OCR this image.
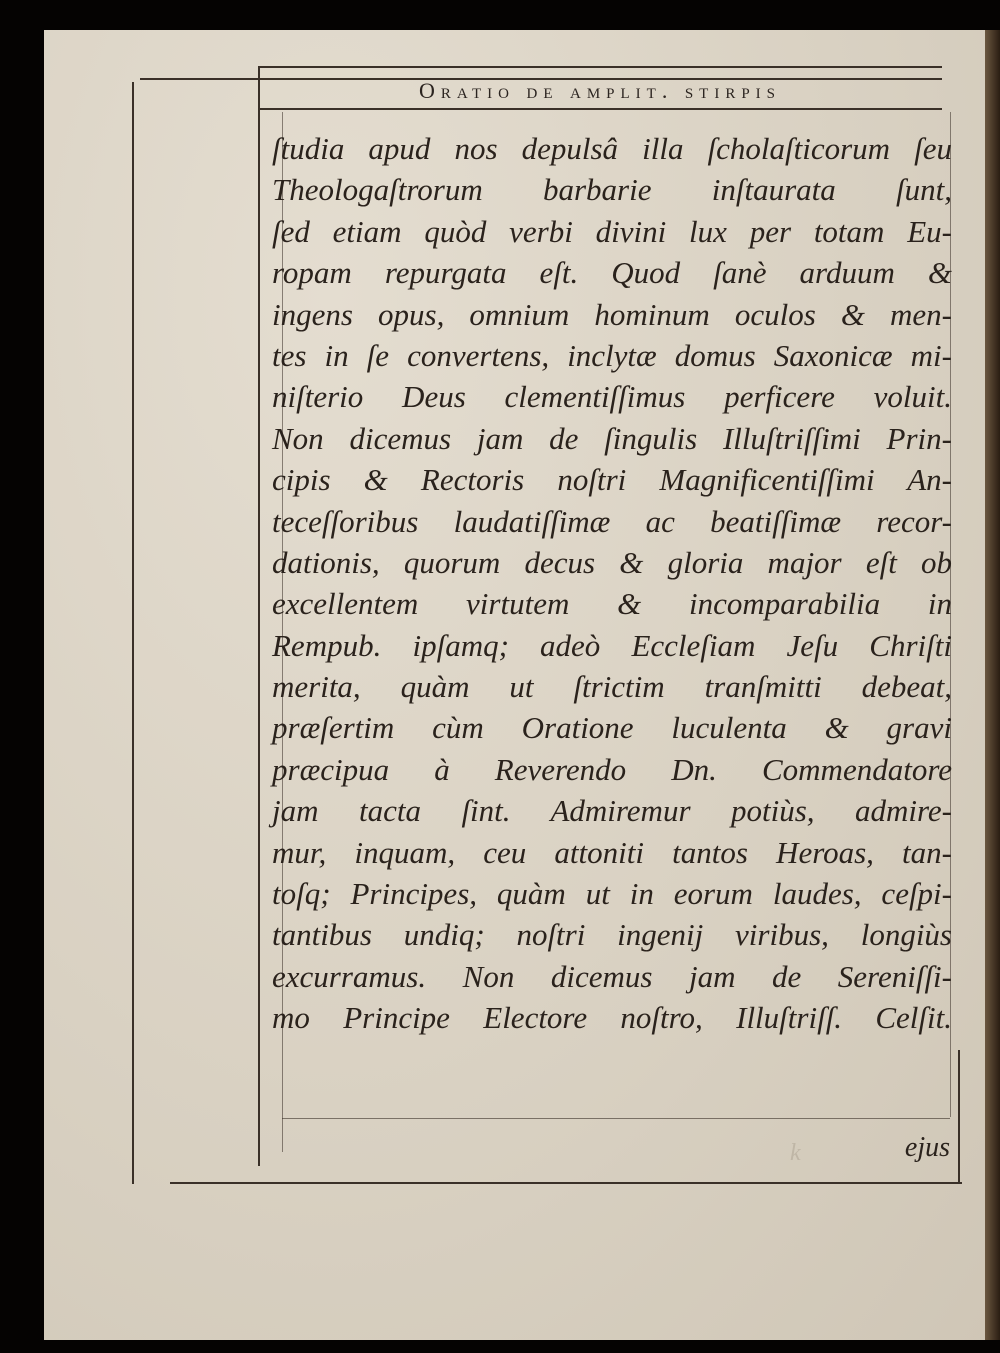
Oratio de amplit. stirpis
ſtudia apud nos depulsâ illa ſcholaſticorum ſeu
Theologaſtrorum barbarie inſtaurata ſunt,
ſed etiam quòd verbi divini lux per totam Eu-
ropam repurgata eſt. Quod ſanè arduum &
ingens opus, omnium hominum oculos & men-
tes in ſe convertens, inclytæ domus Saxonicæ mi-
niſterio Deus clementiſſimus perficere voluit.
Non dicemus jam de ſingulis Illuſtriſſimi Prin-
cipis & Rectoris noſtri Magnificentiſſimi An-
teceſſoribus laudatiſſimæ ac beatiſſimæ recor-
dationis, quorum decus & gloria major eſt ob
excellentem virtutem & incomparabilia in
Rempub. ipſamq; adeò Eccleſiam Jeſu Chriſti
merita, quàm ut ſtrictim tranſmitti debeat,
præſertim cùm Oratione luculenta & gravi
præcipua à Reverendo Dn. Commendatore
jam tacta ſint. Admiremur potiùs, admire-
mur, inquam, ceu attoniti tantos Heroas, tan-
toſq; Principes, quàm ut in eorum laudes, ceſpi-
tantibus undiq; noſtri ingenij viribus, longiùs
excurramus. Non dicemus jam de Sereniſſi-
mo Principe Electore noſtro, Illuſtriſſ. Celſit.
k	ejus
